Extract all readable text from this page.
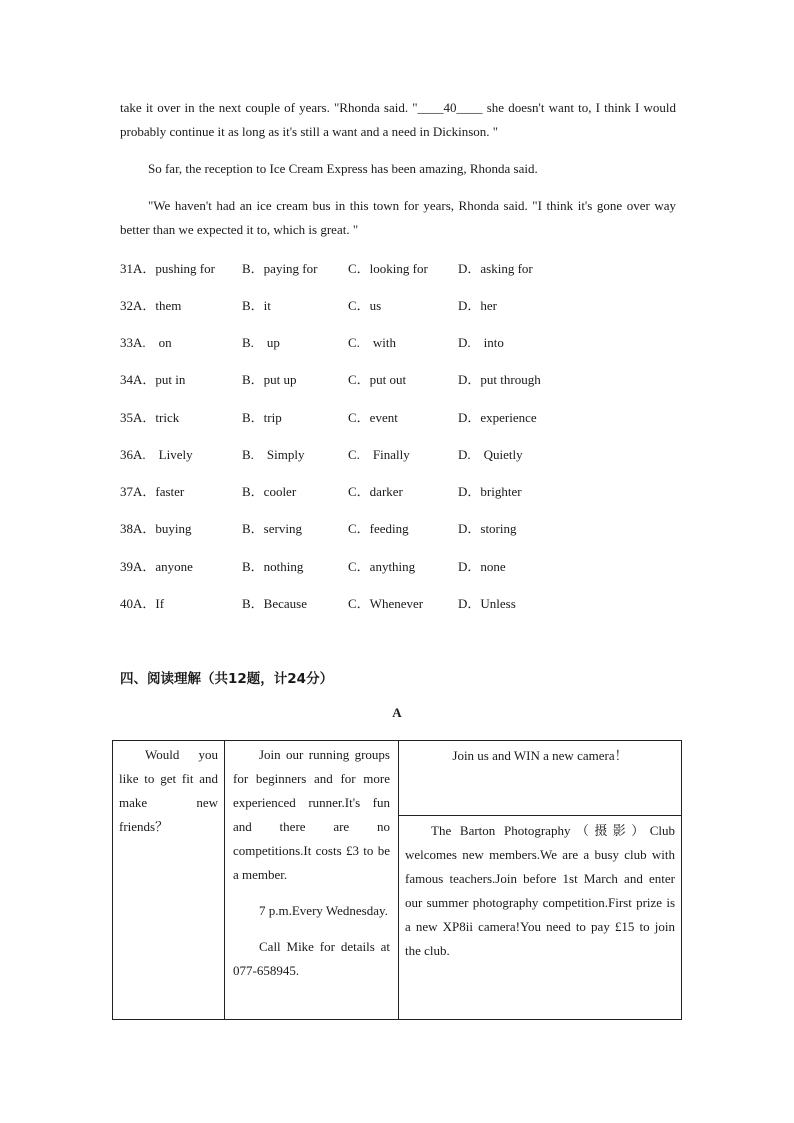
take it over in the next couple of years. "Rhonda said. "____40____ she doesn't want to, I think I would probably continue it as long as it's still a want and a need in Dickinson. "
So far, the reception to Ice Cream Express has been amazing, Rhonda said.
"We haven't had an ice cream bus in this town for years, Rhonda said. "I think it's gone over way better than we expected it to, which is great. "
31.
A．pushing for B．paying for C．looking for D．asking for
32.
A．them	B．it	C．us	D．her
33.
A.　on	B.　up	C.　with	D.　into
34.
A．put in	B．put up	C．put out	D．put through
35.
A．trick	B．trip	C．event	D．experience
36.
A.　Lively	B.　Simply	C.　Finally	D.　Quietly
37.
A．faster	B．cooler	C．darker	D．brighter
38.
A．buying	B．serving	C．feeding	D．storing
39.
A．anyone	B．nothing	C．anything	D．none
40.
A．If	B．Because	C．Whenever	D．Unless
四、阅读理解（共12题，计24分）
A
Would you like to get fit and make new friends？

Join our running groups for beginners and for more experienced runner.It's fun and there are no competitions.It costs £3 to be a member.
7 p.m.Every Wednesday.
Call Mike for details at 077-658945.

Join us and WIN a new camera！

The Barton Photography（摄影）Club welcomes new members.We are a busy club with famous teachers.Join before 1st March and enter our summer photography competition.First prize is a new XP8ii camera!You need to pay £15 to join the club.
